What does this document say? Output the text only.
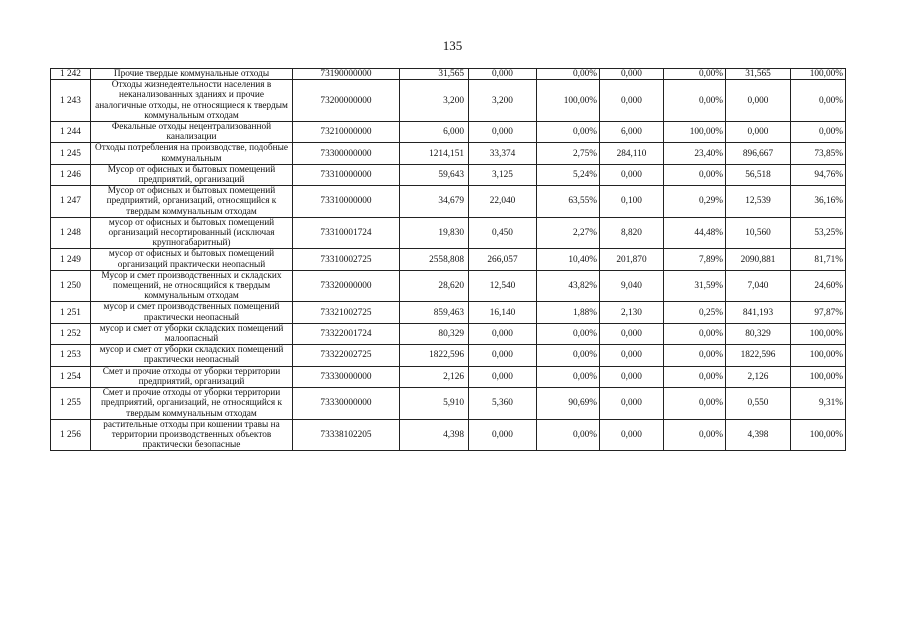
135
1 242	Прочие твердые коммунальные отходы	73190000000	31,565	0,000	0,00%	0,000	0,00%	31,565	100,00%
1 243	Отходы жизнедеятельности населения в неканализованных зданиях и прочие аналогичные отходы, не относящиеся к твердым коммунальным отходам	73200000000	3,200	3,200	100,00%	0,000	0,00%	0,000	0,00%
1 244	Фекальные отходы нецентрализованной канализации	73210000000	6,000	0,000	0,00%	6,000	100,00%	0,000	0,00%
1 245	Отходы потребления на производстве, подобные коммунальным	73300000000	1214,151	33,374	2,75%	284,110	23,40%	896,667	73,85%
1 246	Мусор от офисных и бытовых помещений предприятий, организаций	73310000000	59,643	3,125	5,24%	0,000	0,00%	56,518	94,76%
1 247	Мусор от офисных и бытовых помещений предприятий, организаций, относящийся к твердым коммунальным отходам	73310000000	34,679	22,040	63,55%	0,100	0,29%	12,539	36,16%
1 248	мусор от офисных и бытовых помещений организаций несортированный (исключая крупногабаритный)	73310001724	19,830	0,450	2,27%	8,820	44,48%	10,560	53,25%
1 249	мусор от офисных и бытовых помещений организаций практически неопасный	73310002725	2558,808	266,057	10,40%	201,870	7,89%	2090,881	81,71%
1 250	Мусор и смет производственных и складских помещений, не относящийся к твердым коммунальным отходам	73320000000	28,620	12,540	43,82%	9,040	31,59%	7,040	24,60%
1 251	мусор и смет производственных помещений практически неопасный	73321002725	859,463	16,140	1,88%	2,130	0,25%	841,193	97,87%
1 252	мусор и смет от уборки складских помещений малоопасный	73322001724	80,329	0,000	0,00%	0,000	0,00%	80,329	100,00%
1 253	мусор и смет от уборки складских помещений практически неопасный	73322002725	1822,596	0,000	0,00%	0,000	0,00%	1822,596	100,00%
1 254	Смет и прочие отходы от уборки территории предприятий, организаций	73330000000	2,126	0,000	0,00%	0,000	0,00%	2,126	100,00%
1 255	Смет и прочие отходы от уборки территории предприятий, организаций, не относящийся к твердым коммунальным отходам	73330000000	5,910	5,360	90,69%	0,000	0,00%	0,550	9,31%
1 256	растительные отходы при кошении травы на территории производственных объектов практически безопасные	73338102205	4,398	0,000	0,00%	0,000	0,00%	4,398	100,00%
